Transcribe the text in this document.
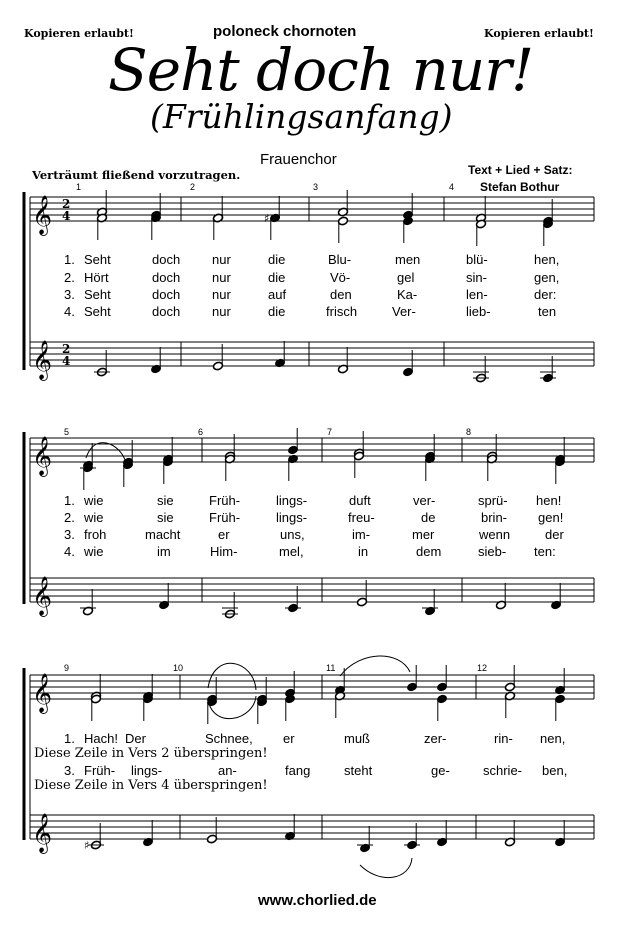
Kopieren erlaubt!	poloneck chornoten	Kopieren erlaubt!
Seht doch nur!
(Frühlingsanfang)
Frauenchor
Verträumt fließend vorzutragen.	Text + Lied + Satz:
Stefan Bothur
𝄞
𝄞
2
4
2
4
1	2	3	4
♯
𝄞
𝄞
5	6	7	8
𝄞
𝄞
9	10	11	12
♯
1. Seht	doch nur	die	Blu-	men	blü-	hen,
2. Hört	doch nur	die	Vö-	gel	sin-	gen,
3. Seht	doch nur	auf	den	Ka-	len-	der:
4. Seht	doch nur	die	frisch	Ver-	lieb-	ten
1. wie	sie	Früh-	lings-	duft	ver-	sprü- hen!
2. wie	sie	Früh-	lings-	freu-	de	brin- gen!
3. froh	macht	er	uns,	im-	mer	wenn	der
4. wie	im	Him-	mel,	in	dem	sieb- ten:
1. Hach! Der	Schnee, er	muß	zer-	rin- nen,
Diese Zeile in Vers 2 überspringen!
3. Früh- lings-	an-	fang	steht	ge-	schrie- ben,
Diese Zeile in Vers 4 überspringen!
www.chorlied.de
